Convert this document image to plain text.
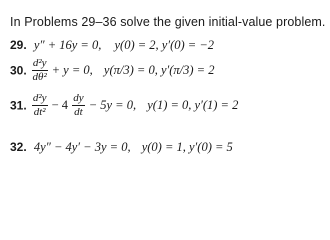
In Problems 29–36 solve the given initial-value problem.
29. y″ + 16y = 0, y(0) = 2, y′(0) = −2
30. $\frac{\text{d²y}}{\text{dθ²}} + y = 0$, y(π/3) = 0, y′(π/3) = 2
31. $\frac{\text{d²y}}{\text{dt²}} - 4 \frac{dy}{dt} - 5y = 0$, y(1) = 0, y′(1) = 2
32. 4y″ − 4y′ − 3y = 0, y(0) = 1, y′(0) = 5
